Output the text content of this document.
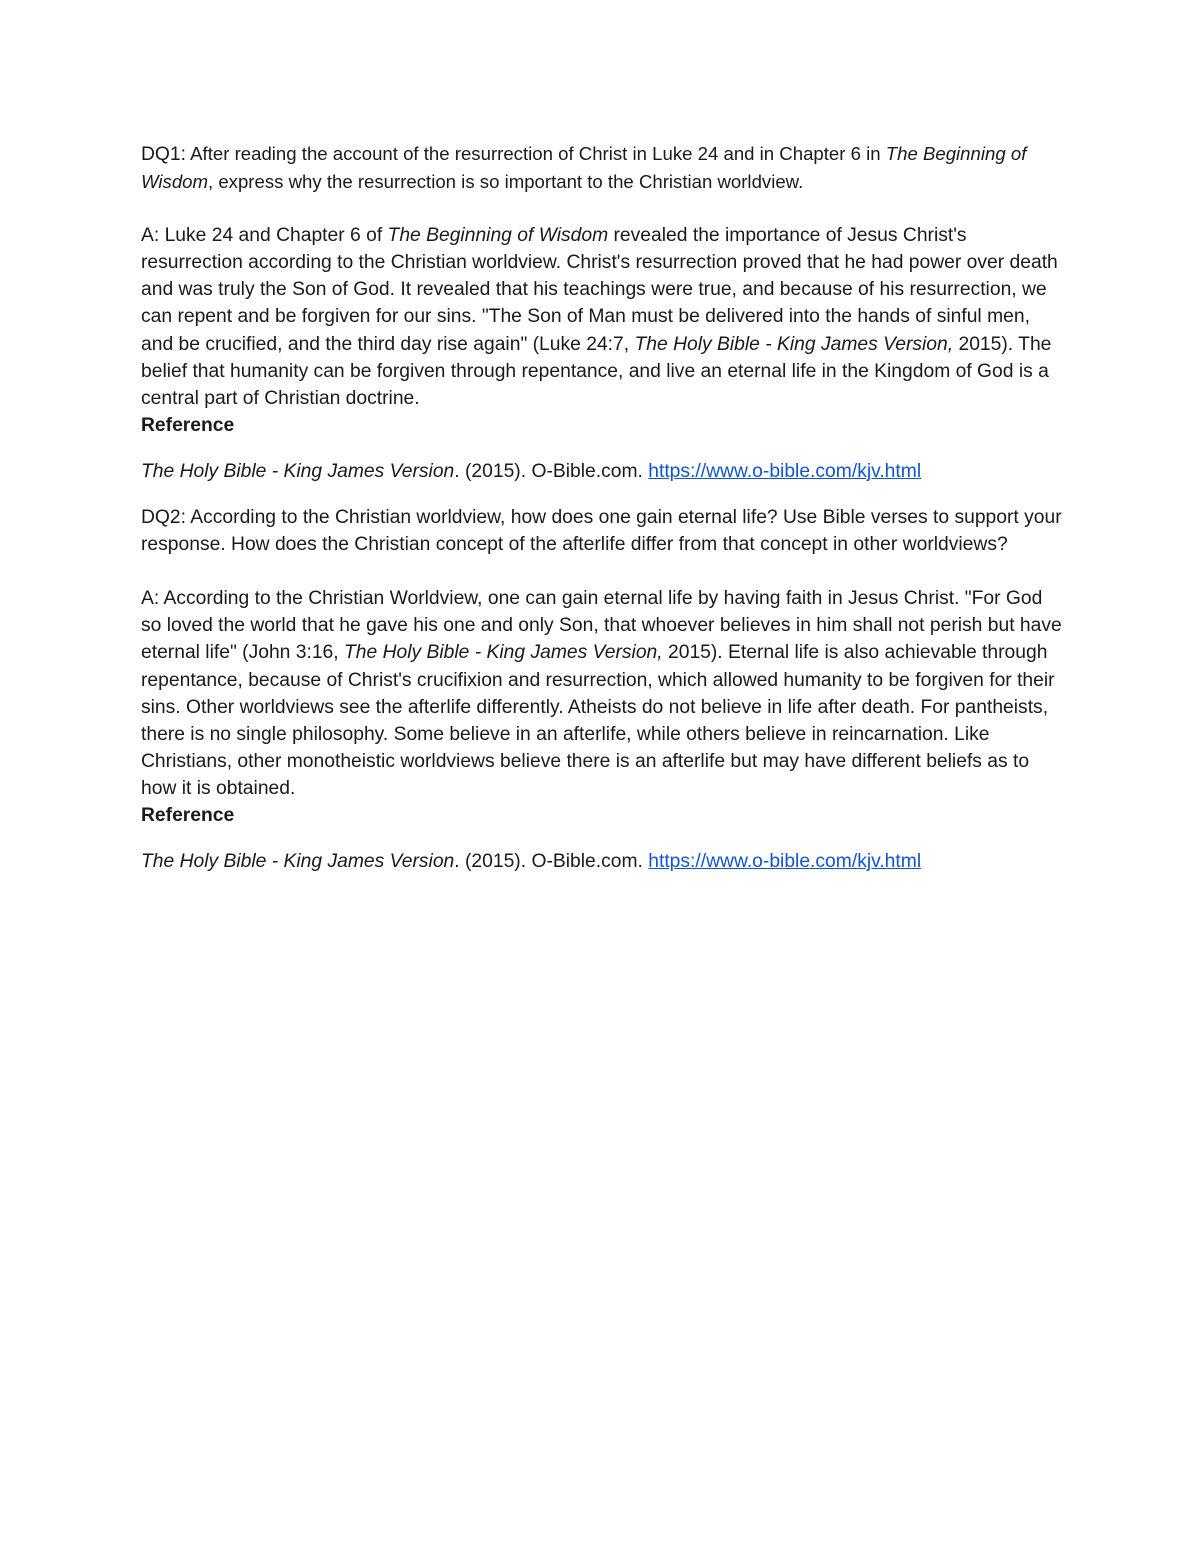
DQ1: After reading the account of the resurrection of Christ in Luke 24 and in Chapter 6 in The Beginning of Wisdom, express why the resurrection is so important to the Christian worldview.

A: Luke 24 and Chapter 6 of The Beginning of Wisdom revealed the importance of Jesus Christ's resurrection according to the Christian worldview. Christ's resurrection proved that he had power over death and was truly the Son of God. It revealed that his teachings were true, and because of his resurrection, we can repent and be forgiven for our sins. "The Son of Man must be delivered into the hands of sinful men, and be crucified, and the third day rise again" (Luke 24:7, The Holy Bible - King James Version, 2015). The belief that humanity can be forgiven through repentance, and live an eternal life in the Kingdom of God is a central part of Christian doctrine.

Reference

The Holy Bible - King James Version. (2015). O-Bible.com. https://www.o-bible.com/kjv.html

DQ2: According to the Christian worldview, how does one gain eternal life? Use Bible verses to support your response. How does the Christian concept of the afterlife differ from that concept in other worldviews?

A: According to the Christian Worldview, one can gain eternal life by having faith in Jesus Christ. "For God so loved the world that he gave his one and only Son, that whoever believes in him shall not perish but have eternal life" (John 3:16, The Holy Bible - King James Version, 2015). Eternal life is also achievable through repentance, because of Christ's crucifixion and resurrection, which allowed humanity to be forgiven for their sins. Other worldviews see the afterlife differently. Atheists do not believe in life after death. For pantheists, there is no single philosophy. Some believe in an afterlife, while others believe in reincarnation. Like Christians, other monotheistic worldviews believe there is an afterlife but may have different beliefs as to how it is obtained.

Reference

The Holy Bible - King James Version. (2015). O-Bible.com. https://www.o-bible.com/kjv.html
